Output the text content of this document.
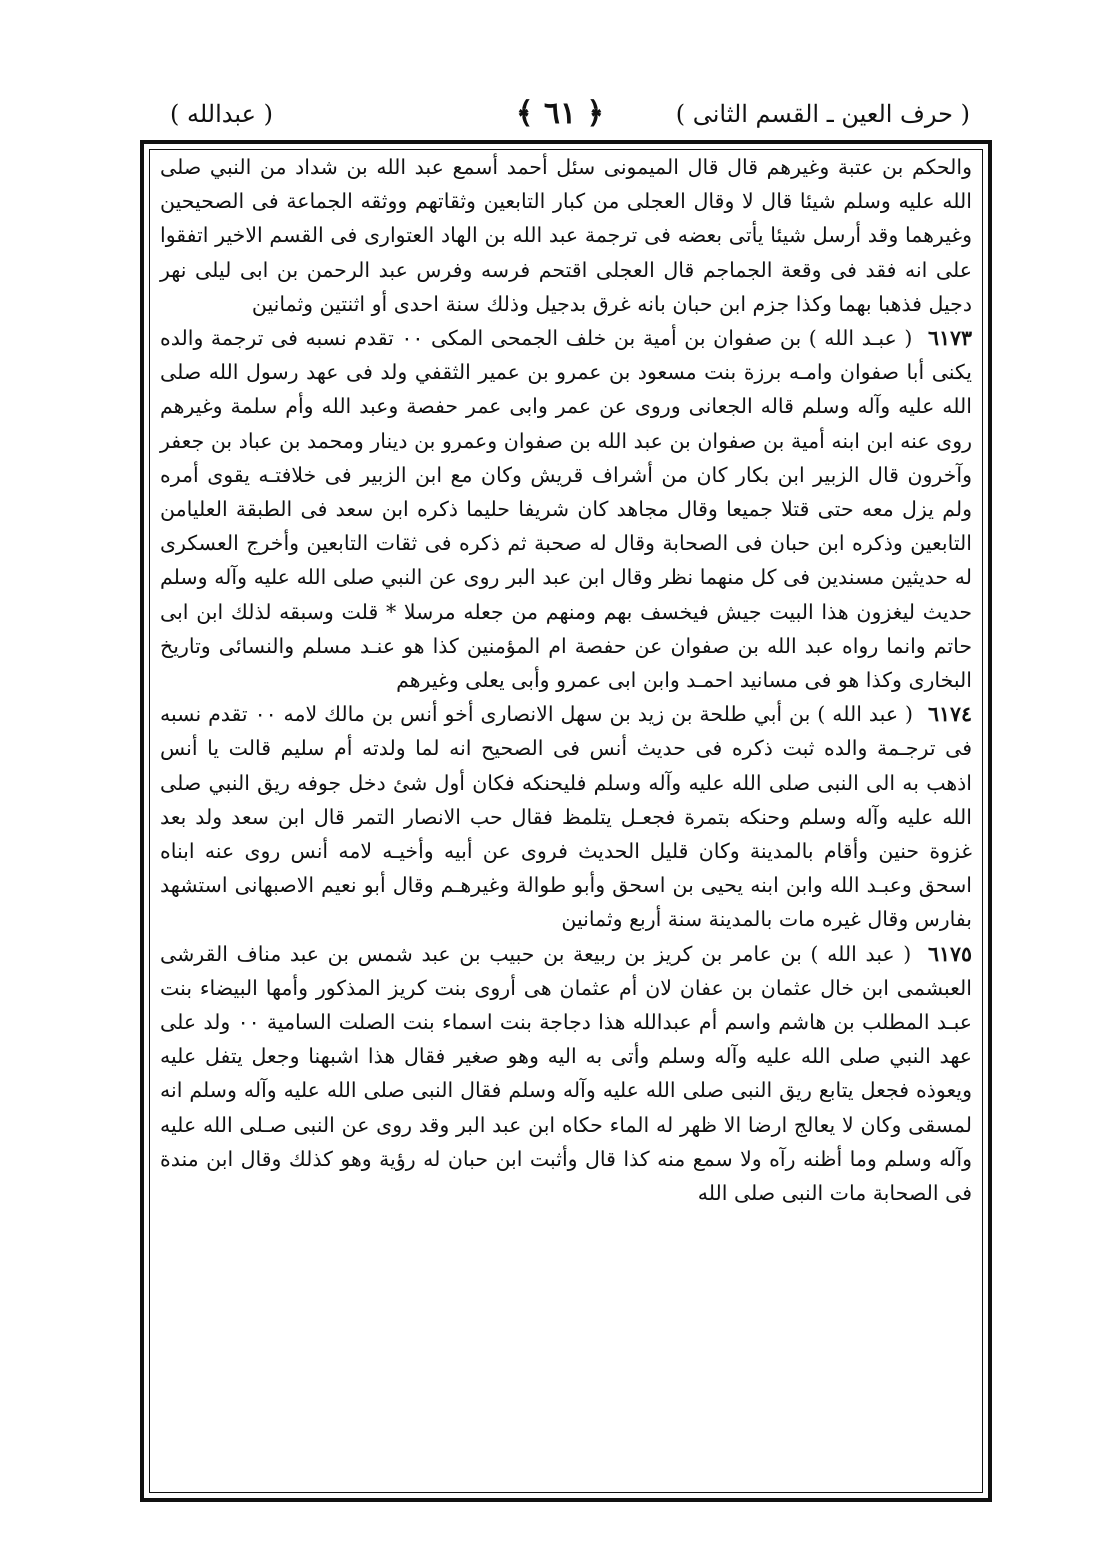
( حرف العين ـ القسم الثانى )
﴿ ٦١ ﴾
( عبدالله )

والحكم بن عتبة وغيرهم قال قال الميمونى سئل أحمد أسمع عبد الله بن شداد من النبي صلى الله عليه وسلم شيئا قال لا وقال العجلى من كبار التابعين وثقاتهم ووثقه الجماعة فى الصحيحين وغيرهما وقد أرسل شيئا يأتى بعضه فى ترجمة عبد الله بن الهاد العتوارى فى القسم الاخير اتفقوا على انه فقد فى وقعة الجماجم قال العجلى اقتحم فرسه وفرس عبد الرحمن بن ابى ليلى نهر دجيل فذهبا بهما وكذا جزم ابن حبان بانه غرق بدجيل وذلك سنة احدى أو اثنتين وثمانين

٦١٧٣ ( عبـد الله ) بن صفوان بن أمية بن خلف الجمحى المكى ٠٠ تقدم نسبه فى ترجمة والده يكنى أبا صفوان وامـه برزة بنت مسعود بن عمرو بن عمير الثقفي ولد فى عهد رسول الله صلى الله عليه وآله وسلم قاله الجعانى وروى عن عمر وابى عمر حفصة وعبد الله وأم سلمة وغيرهم روى عنه ابن ابنه أمية بن صفوان بن عبد الله بن صفوان وعمرو بن دينار ومحمد بن عباد بن جعفر وآخرون قال الزبير ابن بكار كان من أشراف قريش وكان مع ابن الزبير فى خلافتـه يقوى أمره ولم يزل معه حتى قتلا جميعا وقال مجاهد كان شريفا حليما ذكره ابن سعد فى الطبقة العليامن التابعين وذكره ابن حبان فى الصحابة وقال له صحبة ثم ذكره فى ثقات التابعين وأخرج العسكرى له حديثين مسندين فى كل منهما نظر وقال ابن عبد البر روى عن النبي صلى الله عليه وآله وسلم حديث ليغزون هذا البيت جيش فيخسف بهم ومنهم من جعله مرسلا * قلت وسبقه لذلك ابن ابى حاتم وانما رواه عبد الله بن صفوان عن حفصة ام المؤمنين كذا هو عنـد مسلم والنسائى وتاريخ البخارى وكذا هو فى مسانيد احمـد وابن ابى عمرو وأبى يعلى وغيرهم

٦١٧٤ ( عبد الله ) بن أبي طلحة بن زيد بن سهل الانصارى أخو أنس بن مالك لامه ٠٠ تقدم نسبه فى ترجـمة والده ثبت ذكره فى حديث أنس فى الصحيح انه لما ولدته أم سليم قالت يا أنس اذهب به الى النبى صلى الله عليه وآله وسلم فليحنكه فكان أول شئ دخل جوفه ريق النبي صلى الله عليه وآله وسلم وحنكه بتمرة فجعـل يتلمظ فقال حب الانصار التمر قال ابن سعد ولد بعد غزوة حنين وأقام بالمدينة وكان قليل الحديث فروى عن أبيه وأخيـه لامه أنس روى عنه ابناه اسحق وعبـد الله وابن ابنه يحيى بن اسحق وأبو طوالة وغيرهـم وقال أبو نعيم الاصبهانى استشهد بفارس وقال غيره مات بالمدينة سنة أربع وثمانين

٦١٧٥ ( عبد الله ) بن عامر بن كريز بن ربيعة بن حبيب بن عبد شمس بن عبد مناف القرشى العبشمى ابن خال عثمان بن عفان لان أم عثمان هى أروى بنت كريز المذكور وأمها البيضاء بنت عبـد المطلب بن هاشم واسم أم عبدالله هذا دجاجة بنت اسماء بنت الصلت السامية ٠٠ ولد على عهد النبي صلى الله عليه وآله وسلم وأتى به اليه وهو صغير فقال هذا اشبهنا وجعل يتفل عليه ويعوذه فجعل يتابع ريق النبى صلى الله عليه وآله وسلم فقال النبى صلى الله عليه وآله وسلم انه لمسقى وكان لا يعالج ارضا الا ظهر له الماء حكاه ابن عبد البر وقد روى عن النبى صـلى الله عليه وآله وسلم وما أظنه رآه ولا سمع منه كذا قال وأثبت ابن حبان له رؤية وهو كذلك وقال ابن مندة فى الصحابة مات النبى صلى الله
